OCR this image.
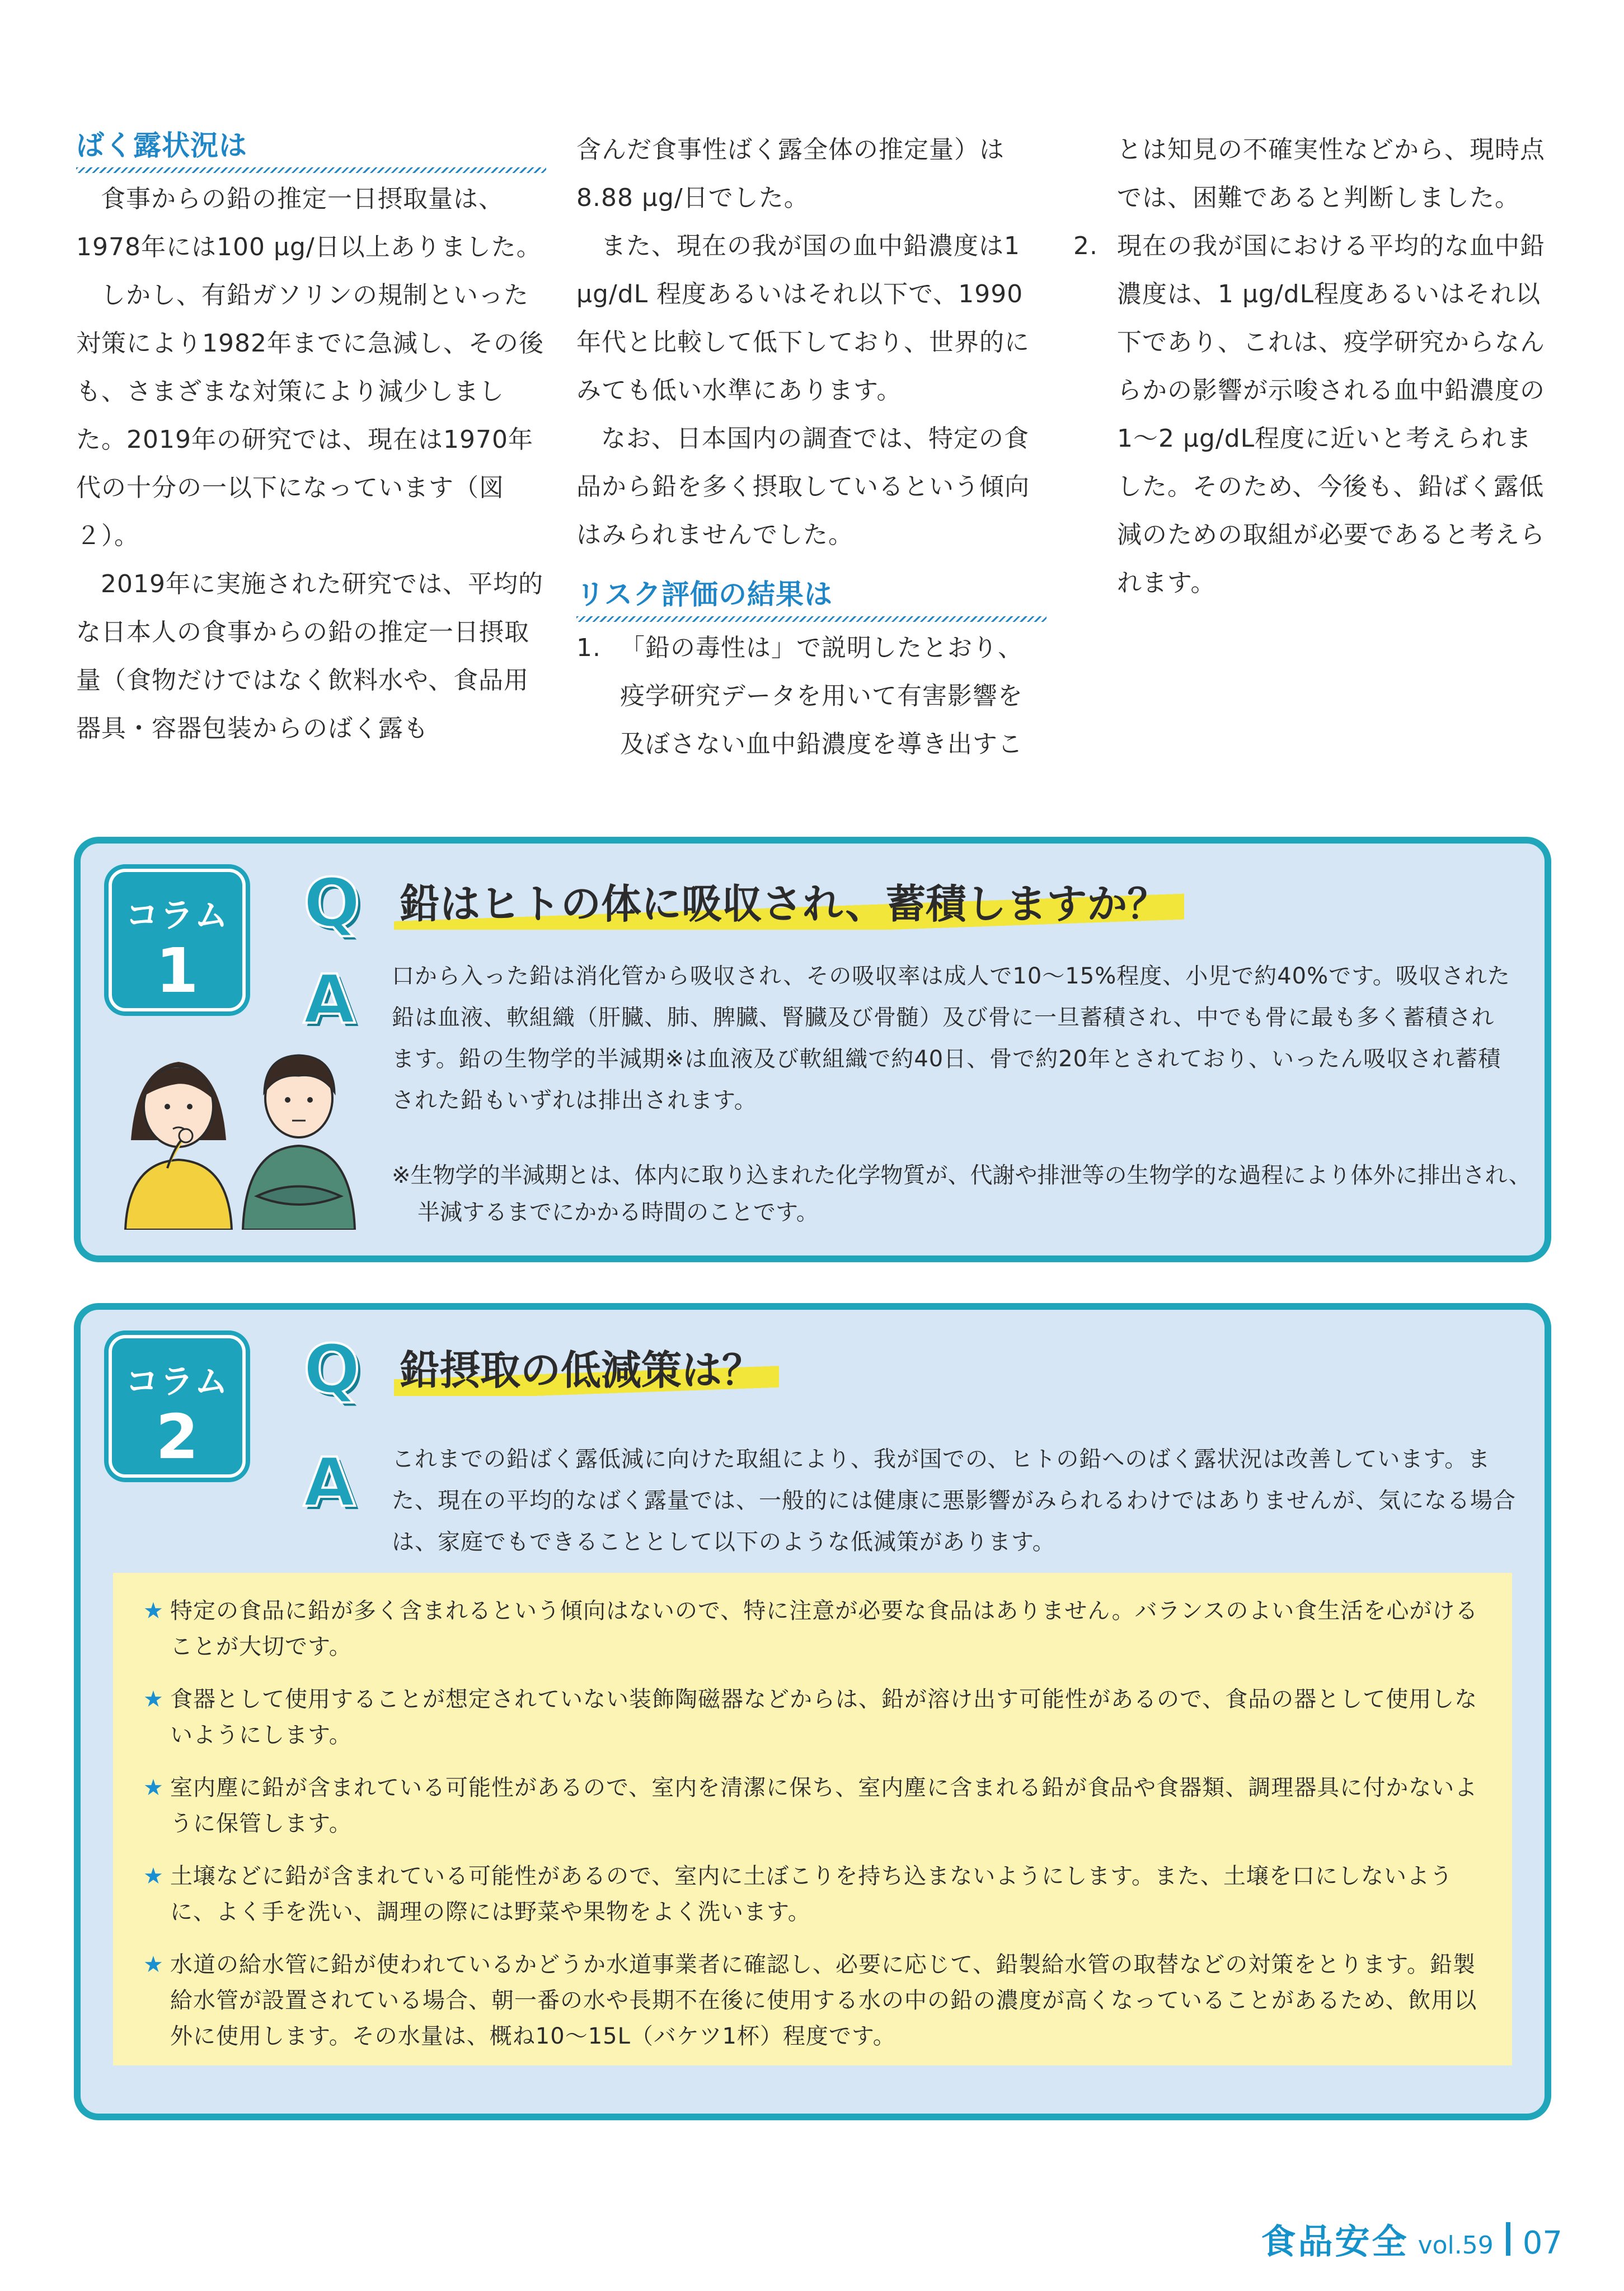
ばく露状況は

食事からの鉛の推定一日摂取量は、1978年には100 μg/日以上ありました。

しかし、有鉛ガソリンの規制といった対策により1982年までに急減し、その後も、さまざまな対策により減少しました。2019年の研究では、現在は1970年代の十分の一以下になっています（図２）。

2019年に実施された研究では、平均的な日本人の食事からの鉛の推定一日摂取量（食物だけではなく飲料水や、食品用器具・容器包装からのばく露も

含んだ食事性ばく露全体の推定量）は8.88 μg/日でした。

また、現在の我が国の血中鉛濃度は1 μg/dL 程度あるいはそれ以下で、1990年代と比較して低下しており、世界的にみても低い水準にあります。

なお、日本国内の調査では、特定の食品から鉛を多く摂取しているという傾向はみられませんでした。

リスク評価の結果は
1. 「鉛の毒性は」で説明したとおり、疫学研究データを用いて有害影響を及ぼさない血中鉛濃度を導き出すこ
とは知見の不確実性などから、現時点では、困難であると判断しました。
2. 現在の我が国における平均的な血中鉛濃度は、1 μg/dL程度あるいはそれ以下であり、これは、疫学研究からなんらかの影響が示唆される血中鉛濃度の1〜2 μg/dL程度に近いと考えられました。そのため、今後も、鉛ばく露低減のための取組が必要であると考えられます。
コラム
1
Q 鉛はヒトの体に吸収され、蓄積しますか？
A 口から入った鉛は消化管から吸収され、その吸収率は成人で10〜15%程度、小児で約40%です。吸収された鉛は血液、軟組織（肝臓、肺、脾臓、腎臓及び骨髄）及び骨に一旦蓄積され、中でも骨に最も多く蓄積されます。鉛の生物学的半減期※は血液及び軟組織で約40日、骨で約20年とされており、いったん吸収され蓄積された鉛もいずれは排出されます。
※生物学的半減期とは、体内に取り込まれた化学物質が、代謝や排泄等の生物学的な過程により体外に排出され、半減するまでにかかる時間のことです。
コラム
2
Q 鉛摂取の低減策は？
A これまでの鉛ばく露低減に向けた取組により、我が国での、ヒトの鉛へのばく露状況は改善しています。また、現在の平均的なばく露量では、一般的には健康に悪影響がみられるわけではありませんが、気になる場合は、家庭でもできることとして以下のような低減策があります。
★ 特定の食品に鉛が多く含まれるという傾向はないので、特に注意が必要な食品はありません。バランスのよい食生活を心がけることが大切です。
★ 食器として使用することが想定されていない装飾陶磁器などからは、鉛が溶け出す可能性があるので、食品の器として使用しないようにします。
★ 室内塵に鉛が含まれている可能性があるので、室内を清潔に保ち、室内塵に含まれる鉛が食品や食器類、調理器具に付かないように保管します。
★ 土壌などに鉛が含まれている可能性があるので、室内に土ぼこりを持ち込まないようにします。また、土壌を口にしないように、よく手を洗い、調理の際には野菜や果物をよく洗います。
★ 水道の給水管に鉛が使われているかどうか水道事業者に確認し、必要に応じて、鉛製給水管の取替などの対策をとります。鉛製給水管が設置されている場合、朝一番の水や長期不在後に使用する水の中の鉛の濃度が高くなっていることがあるため、飲用以外に使用します。その水量は、概ね10〜15L（バケツ1杯）程度です。
食品安全 vol.59 07
